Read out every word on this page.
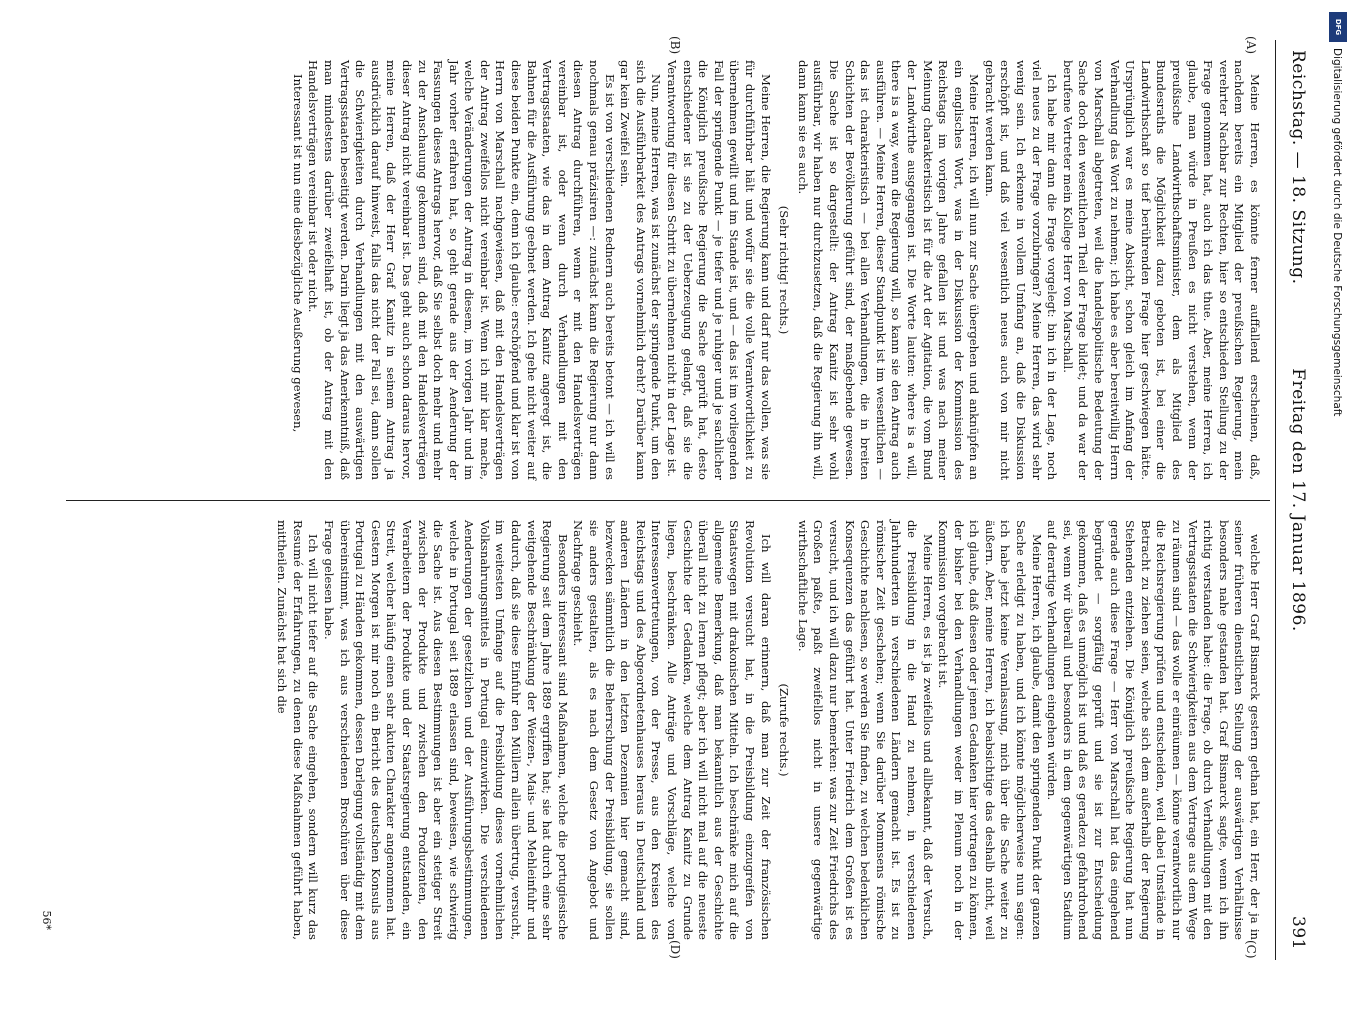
Reichstag. — 18. Sitzung.
Freitag den 17. Januar 1896.
391
(A)
(B)
(C)
(D)

Meine Herren, es könnte ferner auffallend erscheinen, daß, nachdem bereits ein Mitglied der preußischen Regierung, mein verehrter Nachbar zur Rechten, hier so entschieden Stellung zu der Frage genommen hat, auch ich das thue. Aber, meine Herren, ich glaube, man würde in Preußen es nicht verstehen, wenn der preußische Landwirthschaftsminister, dem als Mitglied des Bundesraths die Möglichkeit dazu geboten ist, bei einer die Landwirthschaft so tief berührenden Frage hier geschwiegen hätte. Ursprünglich war es meine Absicht, schon gleich im Anfang der Verhandlung das Wort zu nehmen; ich habe es aber bereitwillig Herrn von Marschall abgetreten, weil die handelspolitische Bedeutung der Sache doch den wesentlichen Theil der Frage bildet; und da war der berufene Vertreter mein Kollege Herr von Marschall.

Ich habe mir dann die Frage vorgelegt: bin ich in der Lage, noch viel neues zu der Frage vorzubringen? Meine Herren, das wird sehr wenig sein. Ich erkenne in vollem Umfang an, daß die Diskussion erschöpft ist, und daß viel wesentlich neues auch von mir nicht gebracht werden kann.

Meine Herren, ich will nun zur Sache übergehen und anknüpfen an ein englisches Wort, was in der Diskussion der Kommission des Reichstags im vorigen Jahre gefallen ist und was nach meiner Meinung charakteristisch ist für die Art der Agitation, die vom Bund der Landwirthe ausgegangen ist. Die Worte lauten: where is a will, there is a way, wenn die Regierung will, so kann sie den Antrag auch ausführen. — Meine Herren, dieser Standpunkt ist im wesentlichen — das ist charakteristisch — bei allen Verhandlungen, die in breiten Schichten der Bevölkerung geführt sind, der maßgebende gewesen. Die Sache ist so dargestellt: der Antrag Kanitz ist sehr wohl ausführbar, wir haben nur durchzusetzen, daß die Regierung ihn will, dann kann sie es auch.

(Sehr richtig! rechts.)

Meine Herren, die Regierung kann und darf nur das wollen, was sie für durchführbar hält und wofür sie die volle Verantwortlichkeit zu übernehmen gewillt und im Stande ist, und — das ist im vorliegenden Fall der springende Punkt — je tiefer und je ruhiger und je sachlicher die Königlich preußische Regierung die Sache geprüft hat, desto entschiedener ist sie zu der Ueberzeugung gelangt, daß sie die Verantwortung für diesen Schritt zu übernehmen nicht in der Lage ist.

Nun, meine Herren, was ist zunächst der springende Punkt, um den sich die Ausführbarkeit des Antrags vornehmlich dreht? Darüber kann gar kein Zweifel sein.

Es ist von verschiedenen Rednern auch bereits betont — ich will es nochmals genau präzisiren —: zunächst kann die Regierung nur dann diesen Antrag durchführen, wenn er mit den Handelsverträgen vereinbar ist, oder wenn durch Verhandlungen mit den Vertragsstaaten, wie das in dem Antrag Kanitz angeregt ist, die Bahnen für die Ausführung geebnet werden. Ich gehe nicht weiter auf diese beiden Punkte ein, denn ich glaube: erschöpfend und klar ist von Herrn von Marschall nachgewiesen, daß mit den Handelsverträgen der Antrag zweifellos nicht vereinbar ist. Wenn ich mir klar mache, welche Veränderungen der Antrag in diesem, im vorigen Jahr und im Jahr vorher erfahren hat, so geht gerade aus der Aenderung der Fassungen dieses Antrags hervor, daß Sie selbst doch mehr und mehr zu der Anschauung gekommen sind, daß mit den Handelsverträgen dieser Antrag nicht vereinbar ist. Das geht auch schon daraus hervor, meine Herren, daß der Herr Graf Kanitz in seinem Antrag ja ausdrücklich darauf hinweist, falls das nicht der Fall sei, dann sollen die Schwierigkeiten durch Verhandlungen mit den auswärtigen Vertragsstaaten beseitigt werden. Darin liegt ja das Anerkenntniß, daß man mindestens darüber zweifelhaft ist, ob der Antrag mit den Handelsverträgen vereinbar ist oder nicht.

Interessant ist nun eine diesbezügliche Aeußerung gewesen,

welche Herr Graf Bismarck gestern gethan hat, ein Herr, der ja in seiner früheren dienstlichen Stellung der auswärtigen Verhältnisse besonders nahe gestanden hat. Graf Bismarck sagte, wenn ich ihn richtig verstanden habe: die Frage, ob durch Verhandlungen mit den Vertragsstaaten die Schwierigkeiten aus dem Vertrage aus dem Wege zu räumen sind — das wolle er einräumen — könne verantwortlich nur die Reichsregierung prüfen und entscheiden, weil dabei Umstände in Betracht zu ziehen seien, welche sich dem außerhalb der Regierung Stehenden entziehen. Die Königlich preußische Regierung hat nun gerade auch diese Frage — Herr von Marschall hat das eingehend begründet — sorgfältig geprüft und sie ist zur Entscheidung gekommen, daß es unmöglich ist und daß es geradezu gefahrdrohend sei, wenn wir überall und besonders in dem gegenwärtigen Stadium auf derartige Verhandlungen eingehen würden.

Meine Herren, ich glaube, damit den springenden Punkt der ganzen Sache erledigt zu haben, und ich könnte möglicherweise nun sagen: ich habe jetzt keine Veranlassung, mich über die Sache weiter zu äußern. Aber, meine Herren, ich beabsichtige das deshalb nicht, weil ich glaube, daß diesen oder jenen Gedanken hier vortragen zu können, der bisher bei den Verhandlungen weder im Plenum noch in der Kommission vorgebracht ist.

Meine Herren, es ist ja zweifellos und allbekannt, daß der Versuch, die Preisbildung in die Hand zu nehmen, in verschiedenen Jahrhunderten in verschiedenen Ländern gemacht ist. Es ist zu römischer Zeit geschehen; wenn Sie darüber Mommsens römische Geschichte nachlesen, so werden Sie finden, zu welchen bedenklichen Konsequenzen das geführt hat. Unter Friedrich dem Großen ist es versucht, und ich will dazu nur bemerken: was zur Zeit Friedrichs des Großen paßte, paßt zweifellos nicht in unsere gegenwärtige wirthschaftliche Lage.

(Zurufe rechts.)

Ich will daran erinnern, daß man zur Zeit der französischen Revolution versucht hat, in die Preisbildung einzugreifen von Staatswegen mit drakonischen Mitteln. Ich beschränke mich auf die allgemeine Bemerkung, daß man bekanntlich aus der Geschichte überall nicht zu lernen pflegt; aber ich will nicht mal auf die neueste Geschichte der Gedanken, welche dem Antrag Kanitz zu Grunde liegen, beschränken. Alle Anträge und Vorschläge, welche von Interessenvertretungen, von der Presse, aus den Kreisen des Reichstags und des Abgeordnetenhauses heraus in Deutschland und anderen Ländern in den letzten Dezennien hier gemacht sind, bezwecken sämmtlich die Beherrschung der Preisbildung, sie sollen sie anders gestalten, als es nach dem Gesetz von Angebot und Nachfrage geschieht.

Besonders interessant sind Maßnahmen, welche die portugiesische Regierung seit dem Jahre 1889 ergriffen hat; sie hat durch eine sehr weitgehende Beschränkung der Weizen-, Mais- und Mehleinfuhr und dadurch, daß sie diese Einfuhr den Müllern allein übertrug, versucht, im weitesten Umfange auf die Preisbildung dieses vornehmlichen Volksnahrungsmittels in Portugal einzuwirken. Die verschiedenen Aenderungen der gesetzlichen und der Ausführungsbestimmungen, welche in Portugal seit 1889 erlassen sind, beweisen, wie schwierig die Sache ist. Aus diesen Bestimmungen ist aber ein stetiger Streit zwischen der Produkte und zwischen den Produzenten, den Verarbeitern der Produkte und der Staatsregierung entstanden, ein Streit, welcher häufig einen sehr akuten Charakter angenommen hat. Gestern Morgen ist mir noch ein Bericht des deutschen Konsuls aus Portugal zu Händen gekommen, dessen Darlegung vollständig mit dem übereinstimmt, was ich aus verschiedenen Broschüren über diese Frage gelesen habe.

Ich will nicht tiefer auf die Sache eingehen, sondern will kurz das Resumé der Erfahrungen, zu denen diese Maßnahmen geführt haben, mittheilen. Zunächst hat sich die

56*
DFG
Digitalisierung gefördert durch die Deutsche Forschungsgemeinschaft
